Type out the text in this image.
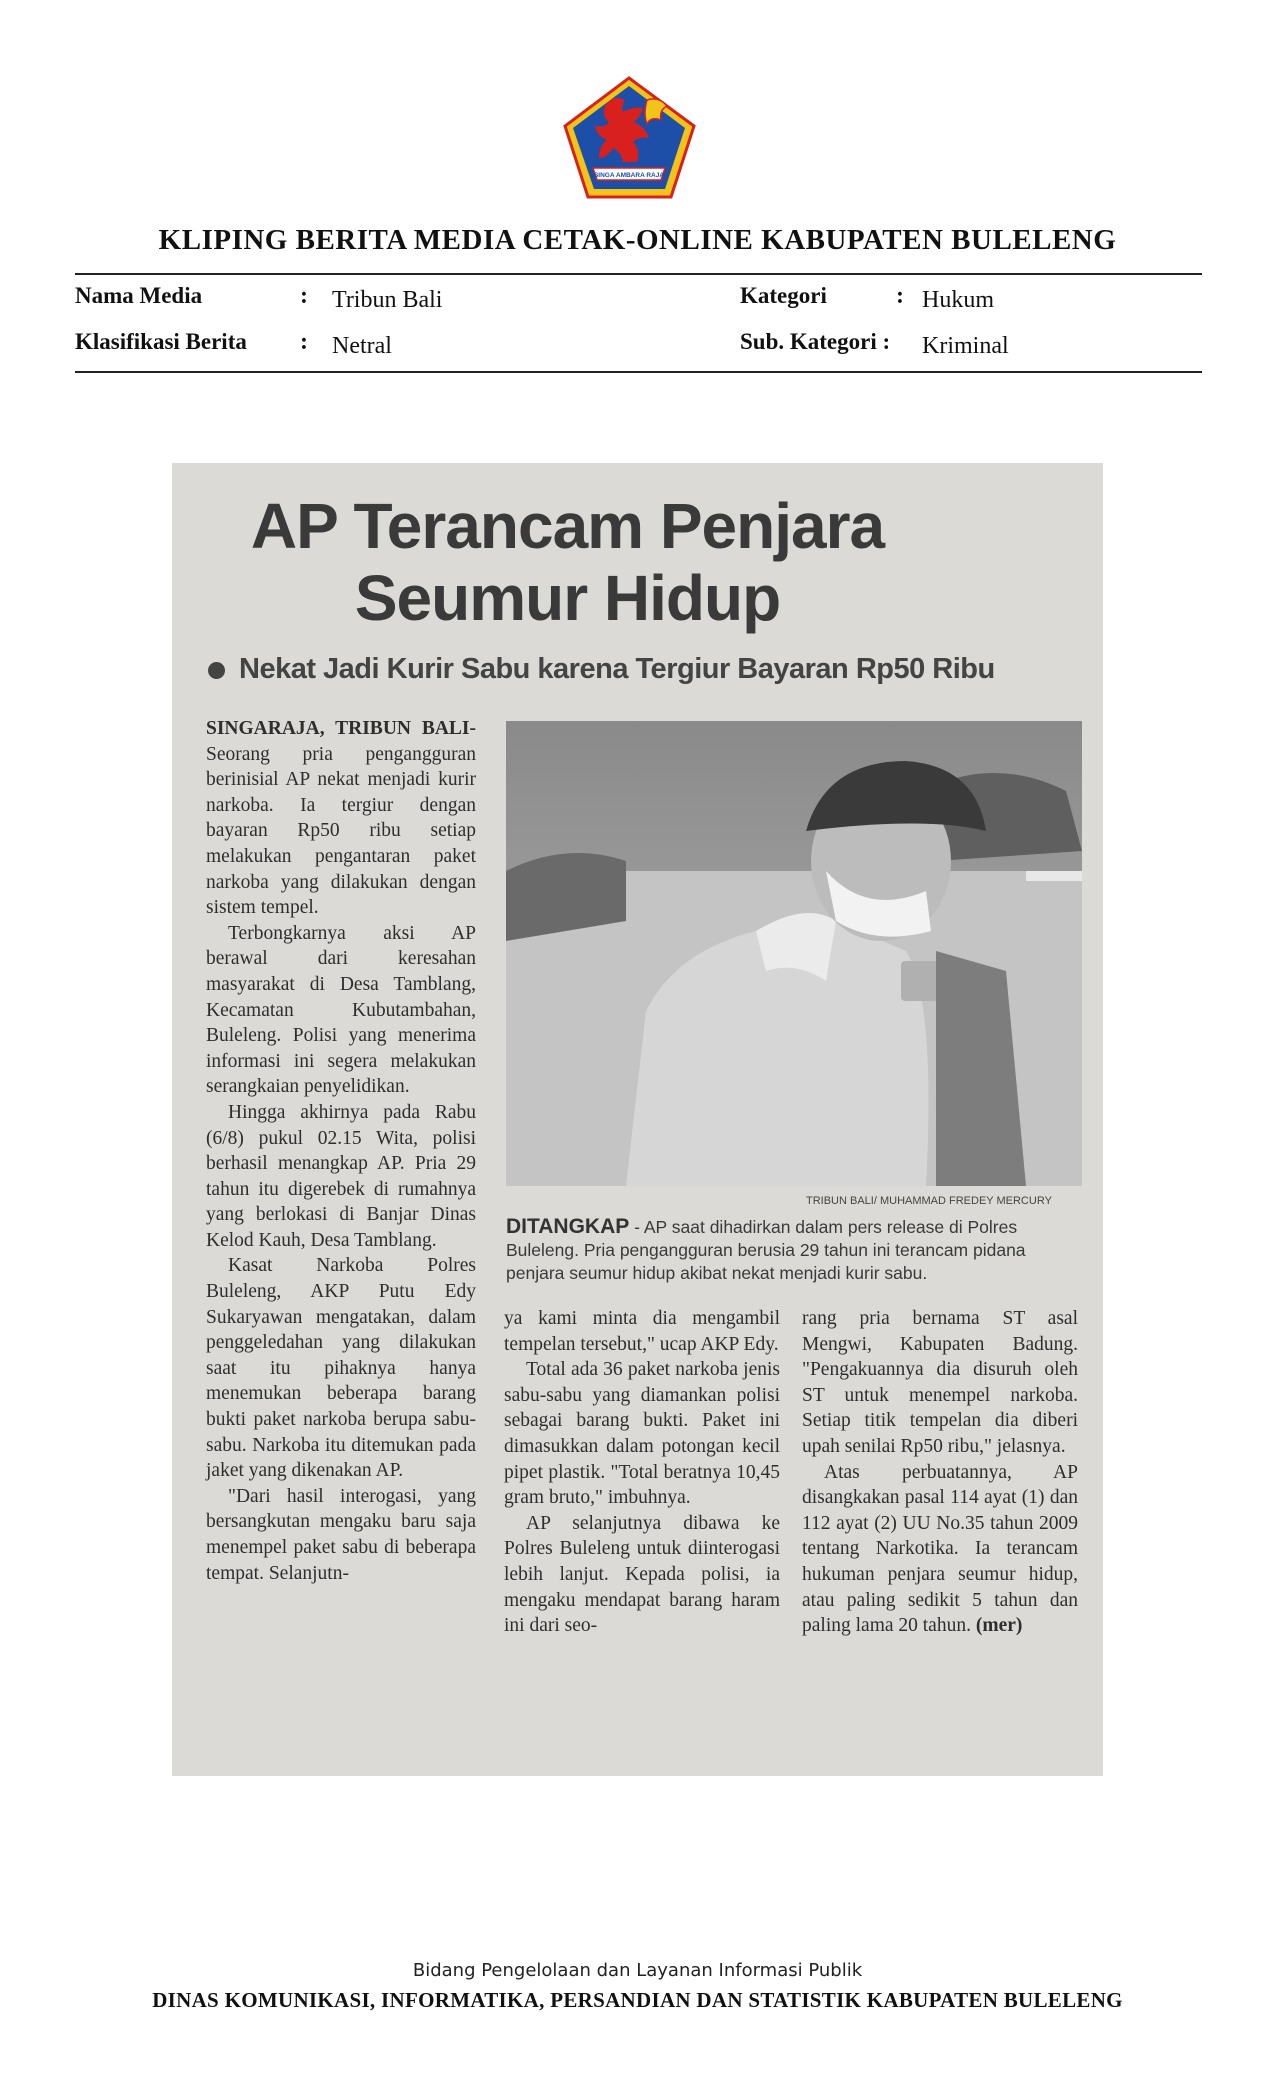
SINGA AMBARA RAJA
KLIPING BERITA MEDIA CETAK-ONLINE KABUPATEN BULELENG
Nama Media	: Tribun Bali	Kategori	: Hukum
Klasifikasi Berita : Netral	Sub. Kategori : Kriminal
AP Terancam Penjara
Seumur Hidup
Nekat Jadi Kurir Sabu karena Tergiur Bayaran Rp50 Ribu

SINGARAJA, TRIBUN BALI- Seorang pria pengangguran berinisial AP nekat menjadi kurir narkoba. Ia tergiur dengan bayaran Rp50 ribu setiap melakukan pengantaran paket narkoba yang dilakukan dengan sistem tempel.

Terbongkarnya aksi AP berawal dari keresahan masyarakat di Desa Tamblang, Kecamatan Kubutambahan, Buleleng. Polisi yang menerima informasi ini segera melakukan serangkaian penyelidikan.

Hingga akhirnya pada Rabu (6/8) pukul 02.15 Wita, polisi berhasil menangkap AP. Pria 29 tahun itu digerebek di rumahnya yang berlokasi di Banjar Dinas Kelod Kauh, Desa Tamblang.

Kasat Narkoba Polres Buleleng, AKP Putu Edy Sukaryawan mengatakan, dalam penggeledahan yang dilakukan saat itu pihaknya hanya menemukan beberapa barang bukti paket narkoba berupa sabu-sabu. Narkoba itu ditemukan pada jaket yang dikenakan AP.

"Dari hasil interogasi, yang bersangkutan mengaku baru saja menempel paket sabu di beberapa tempat. Selanjutn-

TRIBUN BALI/ MUHAMMAD FREDEY MERCURY
DITANGKAP - AP saat dihadirkan dalam pers release di Polres Buleleng. Pria pengangguran berusia 29 tahun ini terancam pidana penjara seumur hidup akibat nekat menjadi kurir sabu.

ya kami minta dia mengambil tempelan tersebut," ucap AKP Edy.

Total ada 36 paket narkoba jenis sabu-sabu yang diamankan polisi sebagai barang bukti. Paket ini dimasukkan dalam potongan kecil pipet plastik. "Total beratnya 10,45 gram bruto," imbuhnya.

AP selanjutnya dibawa ke Polres Buleleng untuk diinterogasi lebih lanjut. Kepada polisi, ia mengaku mendapat barang haram ini dari seo-

rang pria bernama ST asal Mengwi, Kabupaten Badung. "Pengakuannya dia disuruh oleh ST untuk menempel narkoba. Setiap titik tempelan dia diberi upah senilai Rp50 ribu," jelasnya.

Atas perbuatannya, AP disangkakan pasal 114 ayat (1) dan 112 ayat (2) UU No.35 tahun 2009 tentang Narkotika. Ia terancam hukuman penjara seumur hidup, atau paling sedikit 5 tahun dan paling lama 20 tahun. (mer)

Bidang Pengelolaan dan Layanan Informasi Publik
DINAS KOMUNIKASI, INFORMATIKA, PERSANDIAN DAN STATISTIK KABUPATEN BULELENG
